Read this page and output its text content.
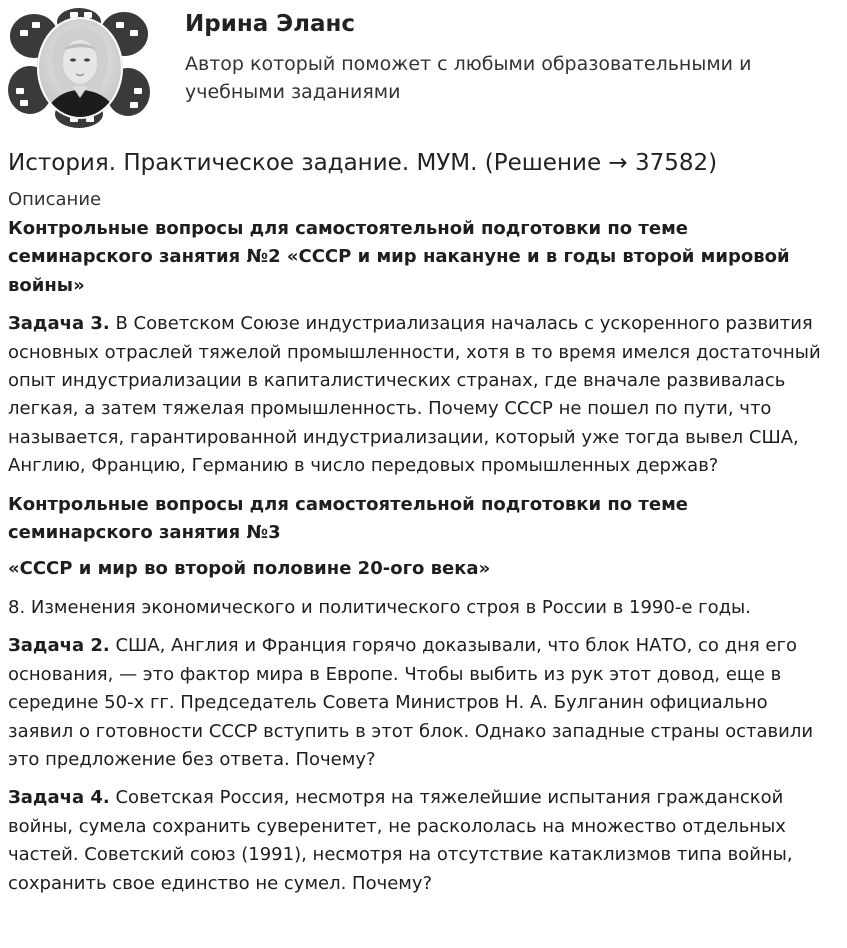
Ирина Эланс
Автор который поможет с любыми образовательными и учебными заданиями
История. Практическое задание. МУМ. (Решение → 37582)
Описание

Контрольные вопросы для самостоятельной подготовки по теме семинарского занятия №2 «СССР и мир накануне и в годы второй мировой войны»

Задача 3. В Советском Союзе индустриализация началась с ускоренного развития основных отраслей тяжелой промышленности, хотя в то время имелся достаточный опыт индустриализации в капиталистических странах, где вначале развивалась легкая, а затем тяжелая промышленность. Почему СССР не пошел по пути, что называется, гарантированной индустриализации, который уже тогда вывел США, Англию, Францию, Германию в число передовых промышленных держав?

Контрольные вопросы для самостоятельной подготовки по теме семинарского занятия №3

«СССР и мир во второй половине 20-ого века»

8. Изменения экономического и политического строя в России в 1990-е годы.

Задача 2. США, Англия и Франция горячо доказывали, что блок НАТО, со дня его основания, — это фактор мира в Европе. Чтобы выбить из рук этот довод, еще в середине 50-х гг. Председатель Совета Министров Н. А. Булганин официально заявил о готовности СССР вступить в этот блок. Однако западные страны оставили это предложение без ответа. Почему?

Задача 4. Советская Россия, несмотря на тяжелейшие испытания гражданской войны, сумела сохранить суверенитет, не раскололась на множество отдельных частей. Советский союз (1991), несмотря на отсутствие катаклизмов типа войны, сохранить свое единство не сумел. Почему?
